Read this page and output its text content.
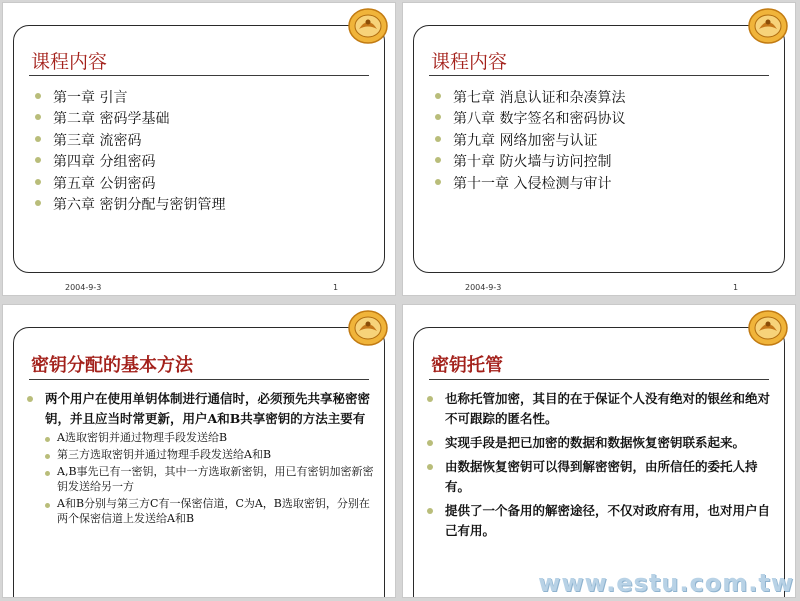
课程内容
第一章 引言
第二章 密码学基础
第三章 流密码
第四章 分组密码
第五章 公钥密码
第六章 密钥分配与密钥管理
2004-9-3	1
课程内容
第七章 消息认证和杂凑算法
第八章 数字签名和密码协议
第九章 网络加密与认证
第十章 防火墙与访问控制
第十一章 入侵检测与审计
2004-9-3	1
密钥分配的基本方法
两个用户在使用单钥体制进行通信时，必须预先共享秘密密钥，并且应当时常更新，用户A和B共享密钥的方法主要有
A选取密钥并通过物理手段发送给B
第三方选取密钥并通过物理手段发送给A和B
A,B事先已有一密钥，其中一方选取新密钥，用已有密钥加密新密钥发送给另一方
A和B分别与第三方C有一保密信道，C为A，B选取密钥，分别在两个保密信道上发送给A和B
密钥托管
也称托管加密，其目的在于保证个人没有绝对的银丝和绝对不可跟踪的匿名性。
实现手段是把已加密的数据和数据恢复密钥联系起来。
由数据恢复密钥可以得到解密密钥，由所信任的委托人持有。
提供了一个备用的解密途径，不仅对政府有用，也对用户自己有用。
www.estu.com.tw
